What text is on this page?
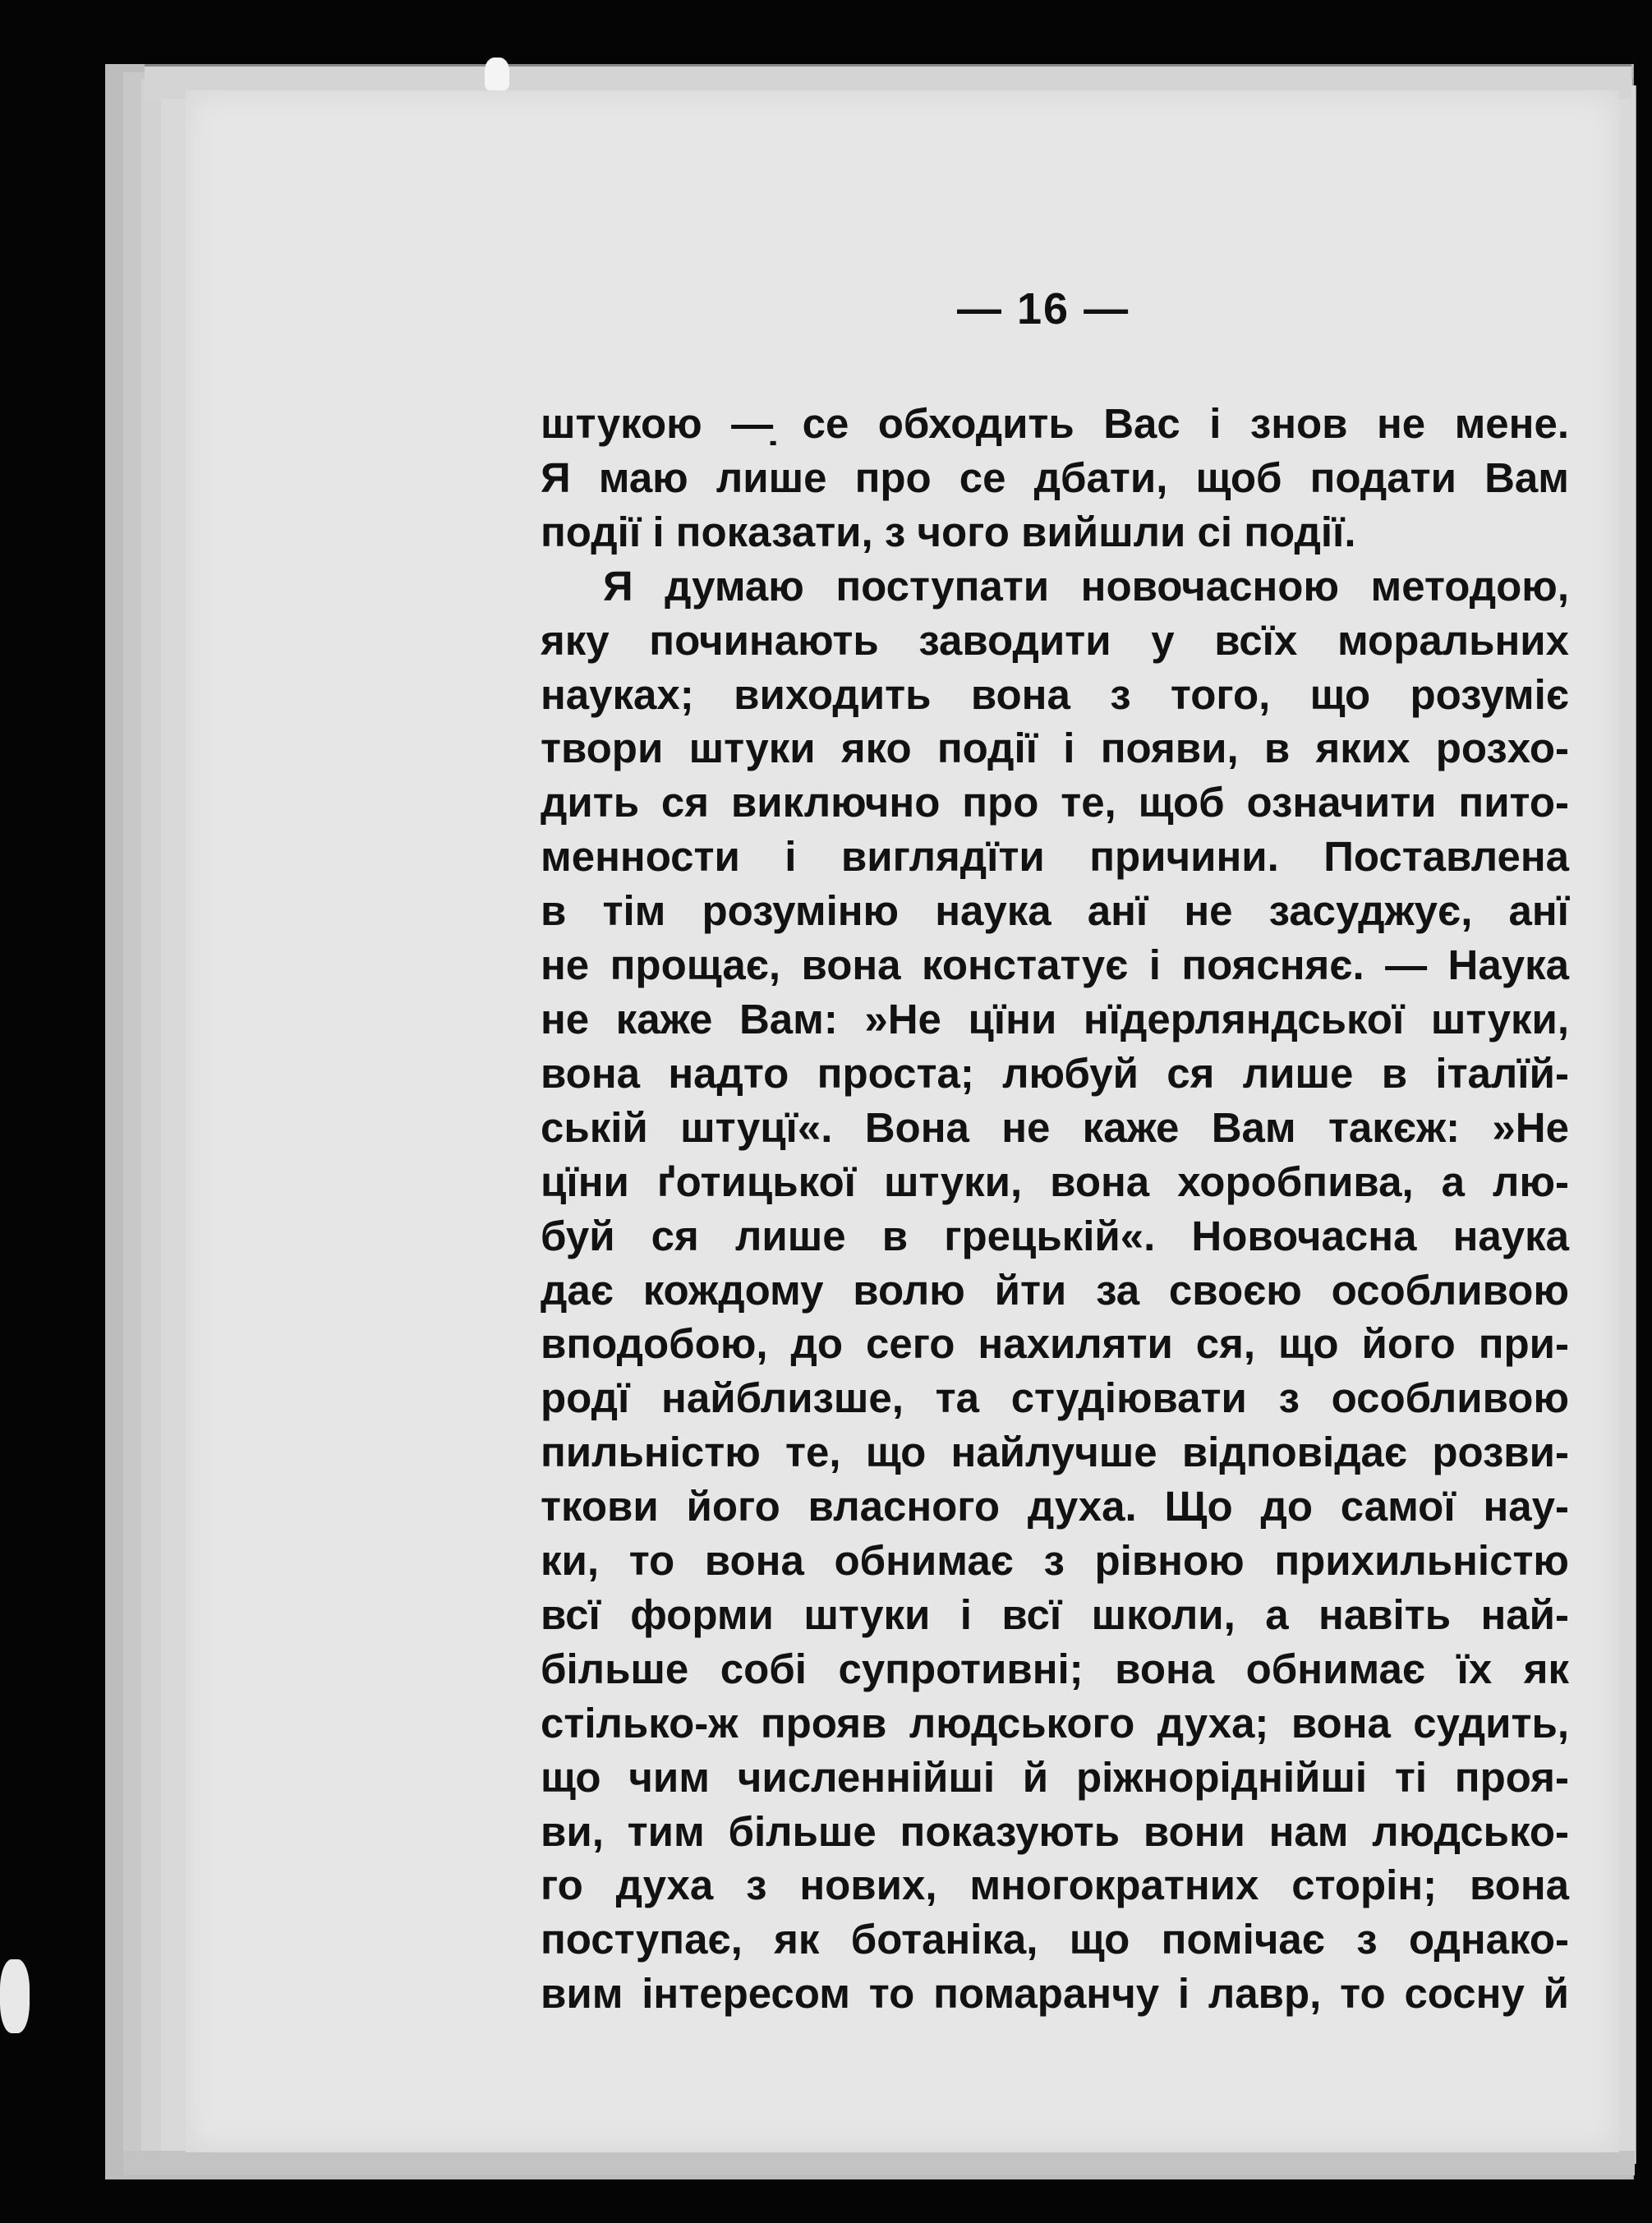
— 16 —
штукою —̣ се обходить Вас і знов не мене.
Я маю лише про се дбати, щоб подати Вам
події і показати, з чого вийшли сі події.
Я думаю поступати новочасною методою,
яку починають заводити у всїх моральних
науках; виходить вона з того, що розуміє
твори штуки яко події і появи, в яких розхо-
дить ся виключно про те, щоб означити пито-
менности і виглядїти причини. Поставлена
в тім розуміню наука анї не засуджує, анї
не прощає, вона констатує і поясняє. — Наука
не каже Вам: »Не цїни нїдерляндської штуки,
вона надто проста; любуй ся лише в італїй-
ській штуцї«. Вона не каже Вам такєж: »Не
цїни ґотицької штуки, вона хоробпива, а лю-
буй ся лише в грецькій«. Новочасна наука
дає кождому волю йти за своєю особливою
вподобою, до сего нахиляти ся, що його при-
родї найблизше, та студіювати з особливою
пильністю те, що найлучше відповідає розви-
ткови його власного духа. Що до самої нау-
ки, то вона обнимає з рівною прихильністю
всї форми штуки і всї школи, а навіть най-
більше собі супротивні; вона обнимає їх як
стілько-ж прояв людського духа; вона судить,
що чим численнійші й ріжноріднійші ті проя-
ви, тим більше показують вони нам людсько-
го духа з нових, многократних сторін; вона
поступає, як ботаніка, що помічає з однако-
вим інтересом то помаранчу і лавр, то сосну й
